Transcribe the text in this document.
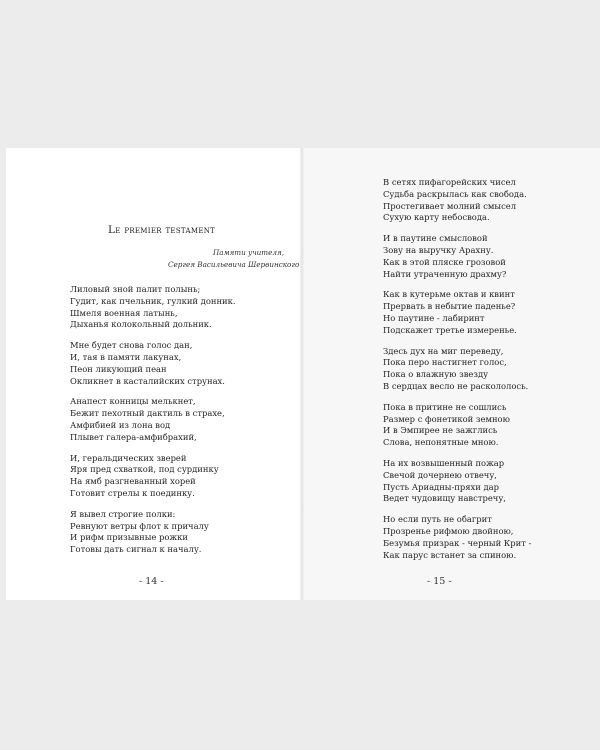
Le premier testament
Памяти учителя,
Сергея Васильевича Шервинского
Лиловый зной палит полынь;
Гудит, как пчельник, гулкий донник.
Шмеля военная латынь,
Дыханья колокольный дольник.
Мне будет снова голос дан,
И, тая в памяти лакунах,
Пеон ликующий пеан
Окликнет в касталийских струнах.
Анапест конницы мелькнет,
Бежит пехотный дактиль в страхе,
Амфибией из лона вод
Плывет галера-амфибрахий,
И, геральдических зверей
Яря пред схваткой, под сурдинку
На ямб разгневанный хорей
Готовит стрелы к поединку.
Я вывел строгие полки:
Ревнуют ветры флот к причалу
И рифм призывные рожки
Готовы дать сигнал к началу.
В сетях пифагорейских чисел
Судьба раскрылась как свобода.
Простегивает молний смысел
Сухую карту небосвода.
И в паутине смысловой
Зову на выручку Арахну.
Как в этой пляске грозовой
Найти утраченную драхму?
Как в кутерьме октав и квинт
Прервать в небытие паденье?
Но паутине - лабиринт
Подскажет третье измеренье.
Здесь дух на миг переведу,
Пока перо настигнет голос,
Пока о влажную звезду
В сердцах весло не раскололось.
Пока в притине не сошлись
Размер с фонетикой земною
И в Эмпирее не зажглись
Слова, непонятные мною.
На их возвышенный пожар
Свечой дочернею отвечу,
Пусть Ариадны-пряхи дар
Ведет чудовищу навстречу,
Но если путь не обагрит
Прозренье рифмою двойною,
Безумья призрак - черный Крит -
Как парус встанет за спиною.
- 14 -	- 15 -
